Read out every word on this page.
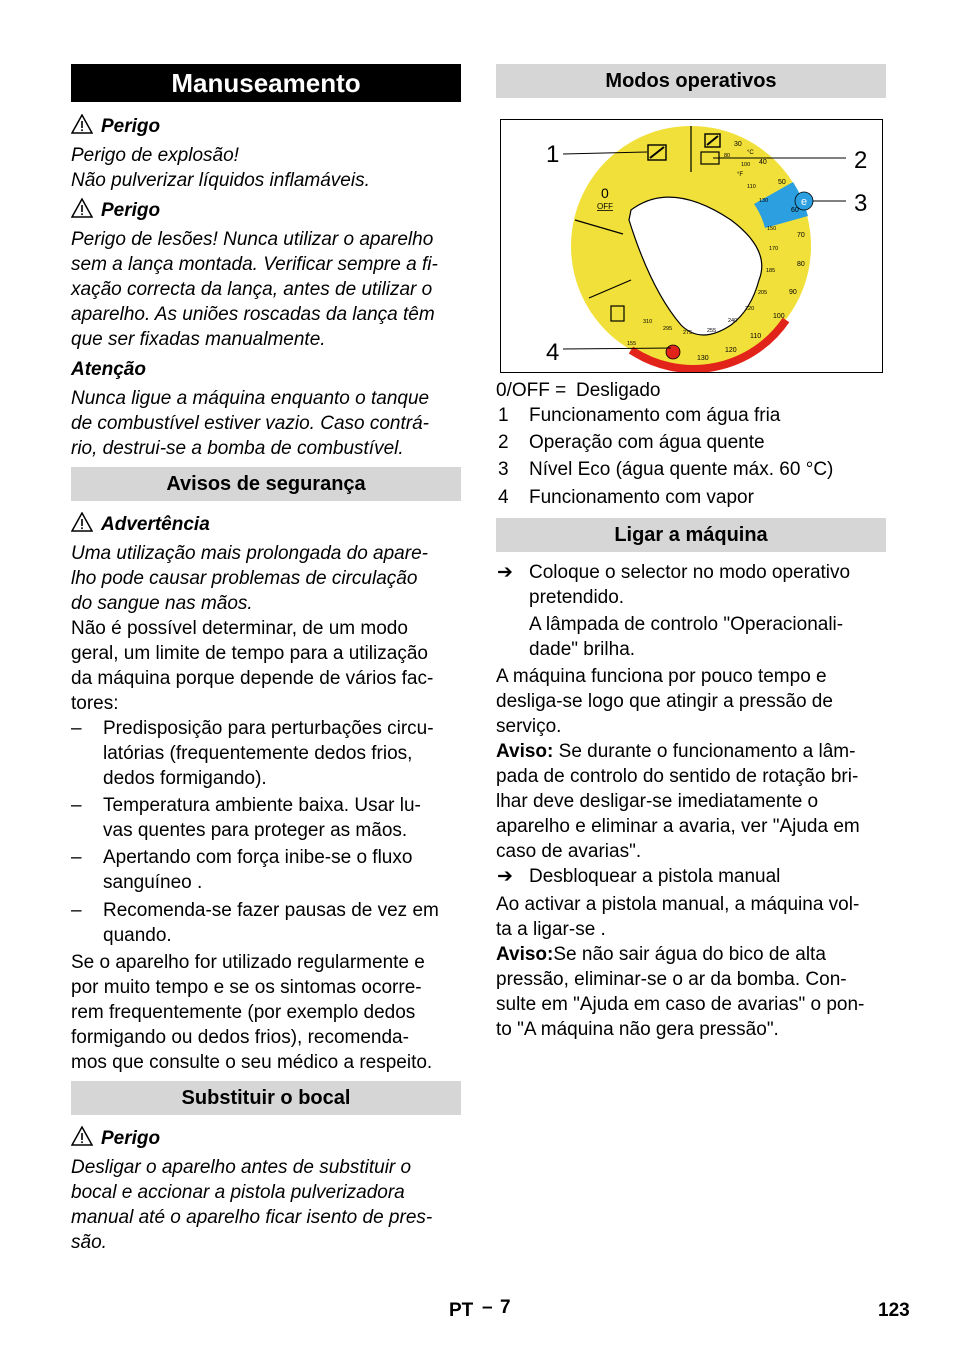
Manuseamento
Perigo
Perigo de explosão!
Não pulverizar líquidos inflamáveis.
Perigo
Perigo de lesões! Nunca utilizar o aparelho
sem a lança montada. Verificar sempre a fi-
xação correcta da lança, antes de utilizar o
aparelho. As uniões roscadas da lança têm
que ser fixadas manualmente.
Atenção
Nunca ligue a máquina enquanto o tanque
de combustível estiver vazio. Caso contrá-
rio, destrui-se a bomba de combustível.
Avisos de segurança
Advertência
Uma utilização mais prolongada do apare-
lho pode causar problemas de circulação
do sangue nas mãos.
Não é possível determinar, de um modo
geral, um limite de tempo para a utilização
da máquina porque depende de vários fac-
tores:
– Predisposição para perturbações circu-
latórias (frequentemente dedos frios,
dedos formigando).
– Temperatura ambiente baixa. Usar lu-
vas quentes para proteger as mãos.
– Apertando com força inibe-se o fluxo
sanguíneo .
– Recomenda-se fazer pausas de vez em
quando.
Se o aparelho for utilizado regularmente e
por muito tempo e se os sintomas ocorre-
rem frequentemente (por exemplo dedos
formigando ou dedos frios), recomenda-
mos que consulte o seu médico a respeito.
Substituir o bocal
Perigo
Desligar o aparelho antes de substituir o
bocal e accionar a pistola pulverizadora
manual até o aparelho ficar isento de pres-
são.
Modos operativos
e
0
OFF
°C
°F
30
40
50
60
70
80
90
100
110
120
130
80
100
110
130
150
170
185
205
220
240
255
275
295
310
155
1	2
3
4
0/OFF = Desligado
1 Funcionamento com água fria
2 Operação com água quente
3 Nível Eco (água quente máx. 60 °C)
4 Funcionamento com vapor
Ligar a máquina
➔ Coloque o selector no modo operativo
pretendido.
A lâmpada de controlo "Operacionali-
dade" brilha.
A máquina funciona por pouco tempo e
desliga-se logo que atingir a pressão de
serviço.
Aviso: Se durante o funcionamento a lâm-
pada de controlo do sentido de rotação bri-
lhar deve desligar-se imediatamente o
aparelho e eliminar a avaria, ver "Ajuda em
caso de avarias".
➔ Desbloquear a pistola manual
Ao activar a pistola manual, a máquina vol-
ta a ligar-se .
Aviso:Se não sair água do bico de alta
pressão, eliminar-se o ar da bomba. Con-
sulte em "Ajuda em caso de avarias" o pon-
to "A máquina não gera pressão".
PT – 7	123
